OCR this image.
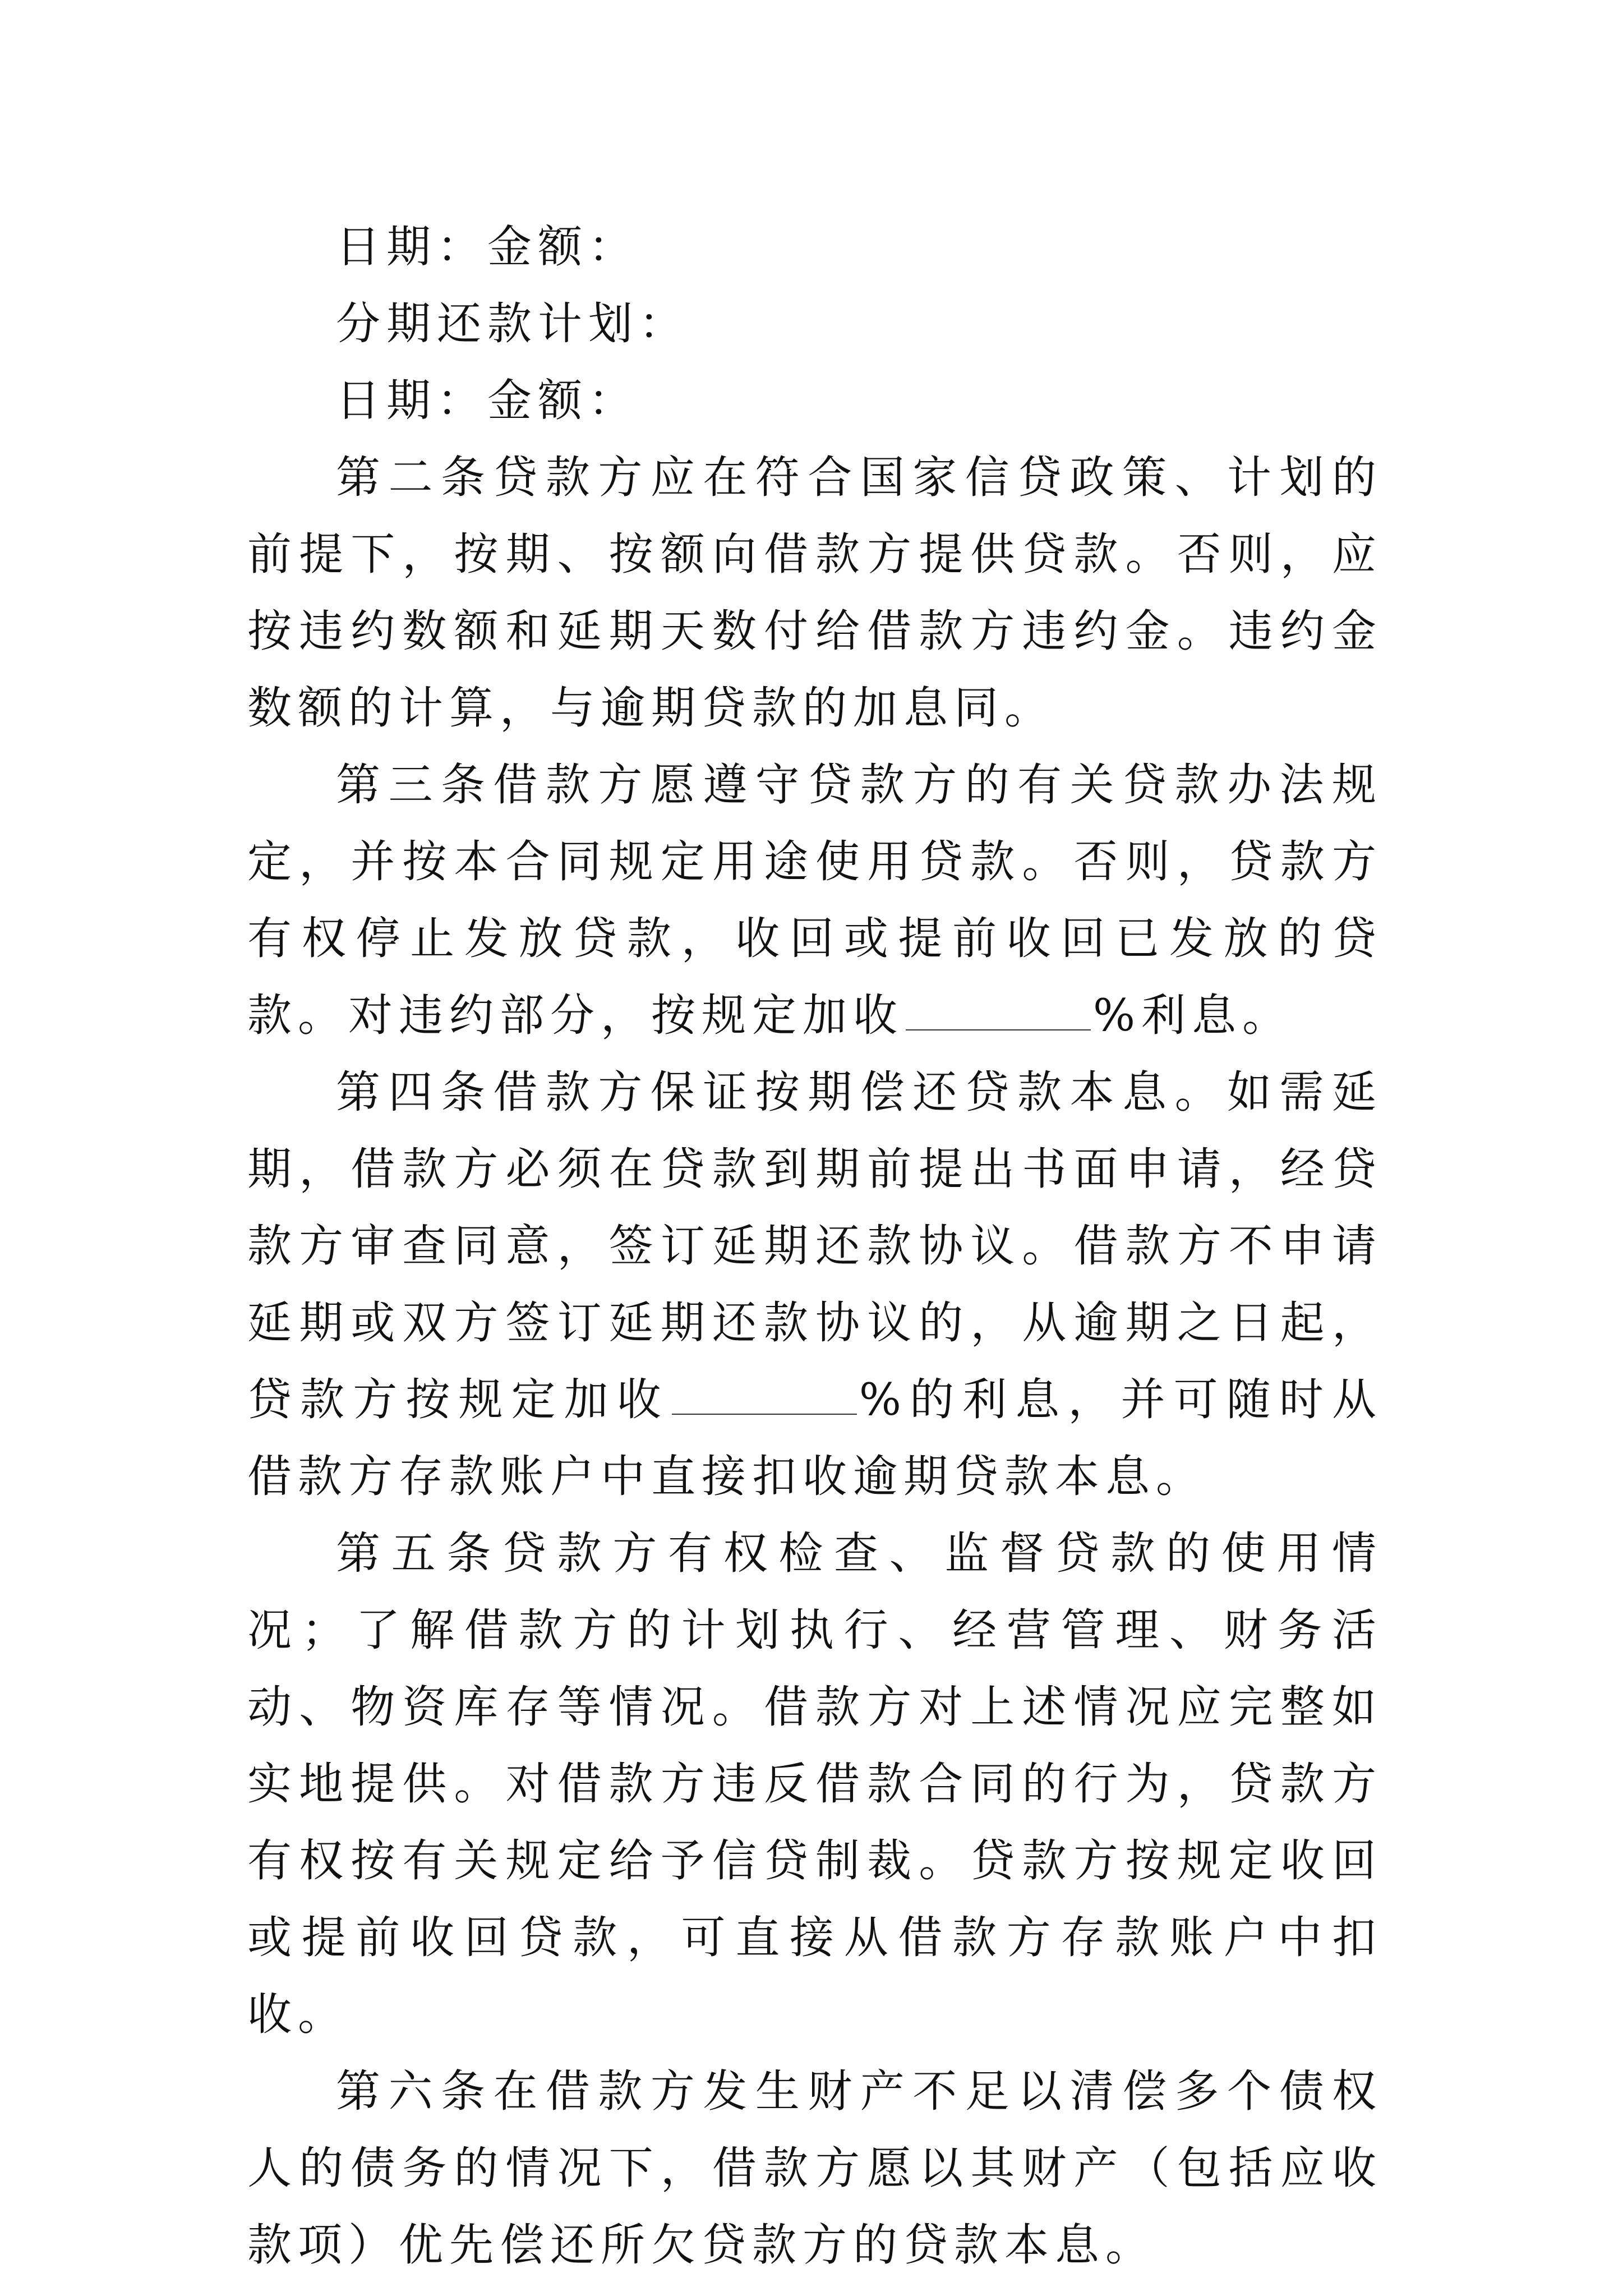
日期：金额：

分期还款计划：

日期：金额：

第二条贷款方应在符合国家信贷政策、计划的前提下，按期、按额向借款方提供贷款。否则，应按违约数额和延期天数付给借款方违约金。违约金数额的计算，与逾期贷款的加息同。

第三条借款方愿遵守贷款方的有关贷款办法规定，并按本合同规定用途使用贷款。否则，贷款方有权停止发放贷款，收回或提前收回已发放的贷款。对违约部分，按规定加收	%利息。

第四条借款方保证按期偿还贷款本息。如需延期，借款方必须在贷款到期前提出书面申请，经贷款方审查同意，签订延期还款协议。借款方不申请延期或双方签订延期还款协议的，从逾期之日起，贷款方按规定加收	%的利息，并可随时从借款方存款账户中直接扣收逾期贷款本息。

第五条贷款方有权检查、监督贷款的使用情况；了解借款方的计划执行、经营管理、财务活动、物资库存等情况。借款方对上述情况应完整如实地提供。对借款方违反借款合同的行为，贷款方有权按有关规定给予信贷制裁。贷款方按规定收回或提前收回贷款，可直接从借款方存款账户中扣收。

第六条在借款方发生财产不足以清偿多个债权人的债务的情况下，借款方愿以其财产（包括应收款项）优先偿还所欠贷款方的贷款本息。
